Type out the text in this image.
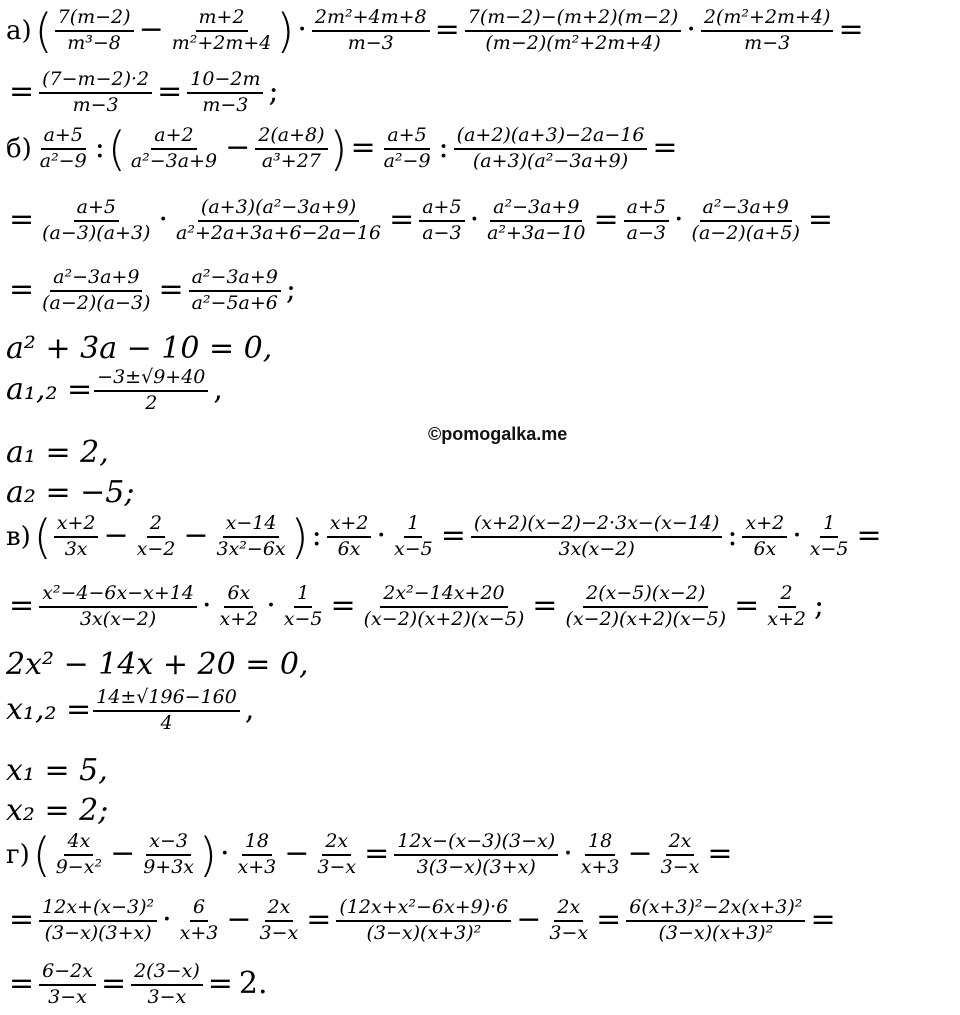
$а)( \frac{7(m-2)}{\text{m³−8}} - \frac{m+2}{\text{m²+2m+4}}$ ) · $\frac{\text{2m²+4m+8}}{m-3} = \frac{7(m-2)-(m+2)(m-2)}{\text{(m−2)(m²+2m+4)}} \cdot \frac{\text{2(m²+2m+4)}}{m-3}$ =
= $\frac{(7-m-2)\cdot 2}{m-3} = \frac{10-2m}{m-3}$ ;
$б) \frac{a+5}{\text{a²−9}}$ :( $\frac{a+2}{\text{a²−3a+9}} - \frac{2(a+8)}{\text{a³+27}}$ ) = $\frac{a+5}{\text{a²−9}}$ : $\frac{(a+2)(a+3)-2a-16}{\text{(a+3)(a²−3a+9)}}$ =
= $\frac{a+5}{(a-3)(a+3)} \cdot \frac{\text{(a+3)(a²−3a+9)}}{\text{a²+2a+3a+6−2a−16}} = \frac{a+5}{a-3} \cdot \frac{\text{a²−3a+9}}{\text{a²+3a−10}} = \frac{a+5}{a-3} \cdot \frac{\text{a²−3a+9}}{(a-2)(a+5)}$ =
= $\frac{\text{a²−3a+9}}{(a-2)(a-3)} = \frac{\text{a²−3a+9}}{\text{a²−5a+6}}$ ;
a² + 3a − 10 = 0,
$a_1,_2 = \frac{-3\pm√9+40}{2}$ ,
a₁ = 2,
a₂ = −5;
©pomogalka.me
$в)( \frac{x+2}{3x} - \frac{2}{x-2} - \frac{x-14}{\text{3x²−6x}}$ ) : $\frac{x+2}{6x} \cdot \frac{1}{x-5} = \frac{(x+2)(x-2)-2\cdot 3x-(x-14)}{3x(x-2)}$ : $\frac{x+2}{6x} \cdot \frac{1}{x-5}$ =
= $\frac{\text{x²−4−6x−x+14}}{3x(x-2)} \cdot \frac{6x}{x+2} \cdot \frac{1}{x-5} = \frac{\text{2x²−14x+20}}{(x-2)(x+2)(x-5)} = \frac{2(x-5)(x-2)}{(x-2)(x+2)(x-5)} = \frac{2}{x+2}$ ;
2x² − 14x + 20 = 0,
$x_1,_2 = \frac{14\pm√196-160}{4}$ ,
x₁ = 5,
x₂ = 2;
$г)( \frac{4x}{\text{9−x²}} - \frac{x-3}{9+3x}$ ) · $\frac{18}{x+3} - \frac{2x}{3-x} = \frac{12x-(x-3)(3-x)}{3(3-x)(3+x)} \cdot \frac{18}{x+3} - \frac{2x}{3-x}$ =
= $\frac{\text{12x+(x−3)²}}{(3-x)(3+x)} \cdot \frac{6}{x+3} - \frac{2x}{3-x} = \frac{\text{(12x+x²−6x+9)·6}}{\text{(3−x)(x+3)²}} - \frac{2x}{3-x} = \frac{\text{6(x+3)²−2x(x+3)²}}{\text{(3−x)(x+3)²}}$ =
= $\frac{6-2x}{3-x} = \frac{2(3-x)}{3-x} = 2$.
